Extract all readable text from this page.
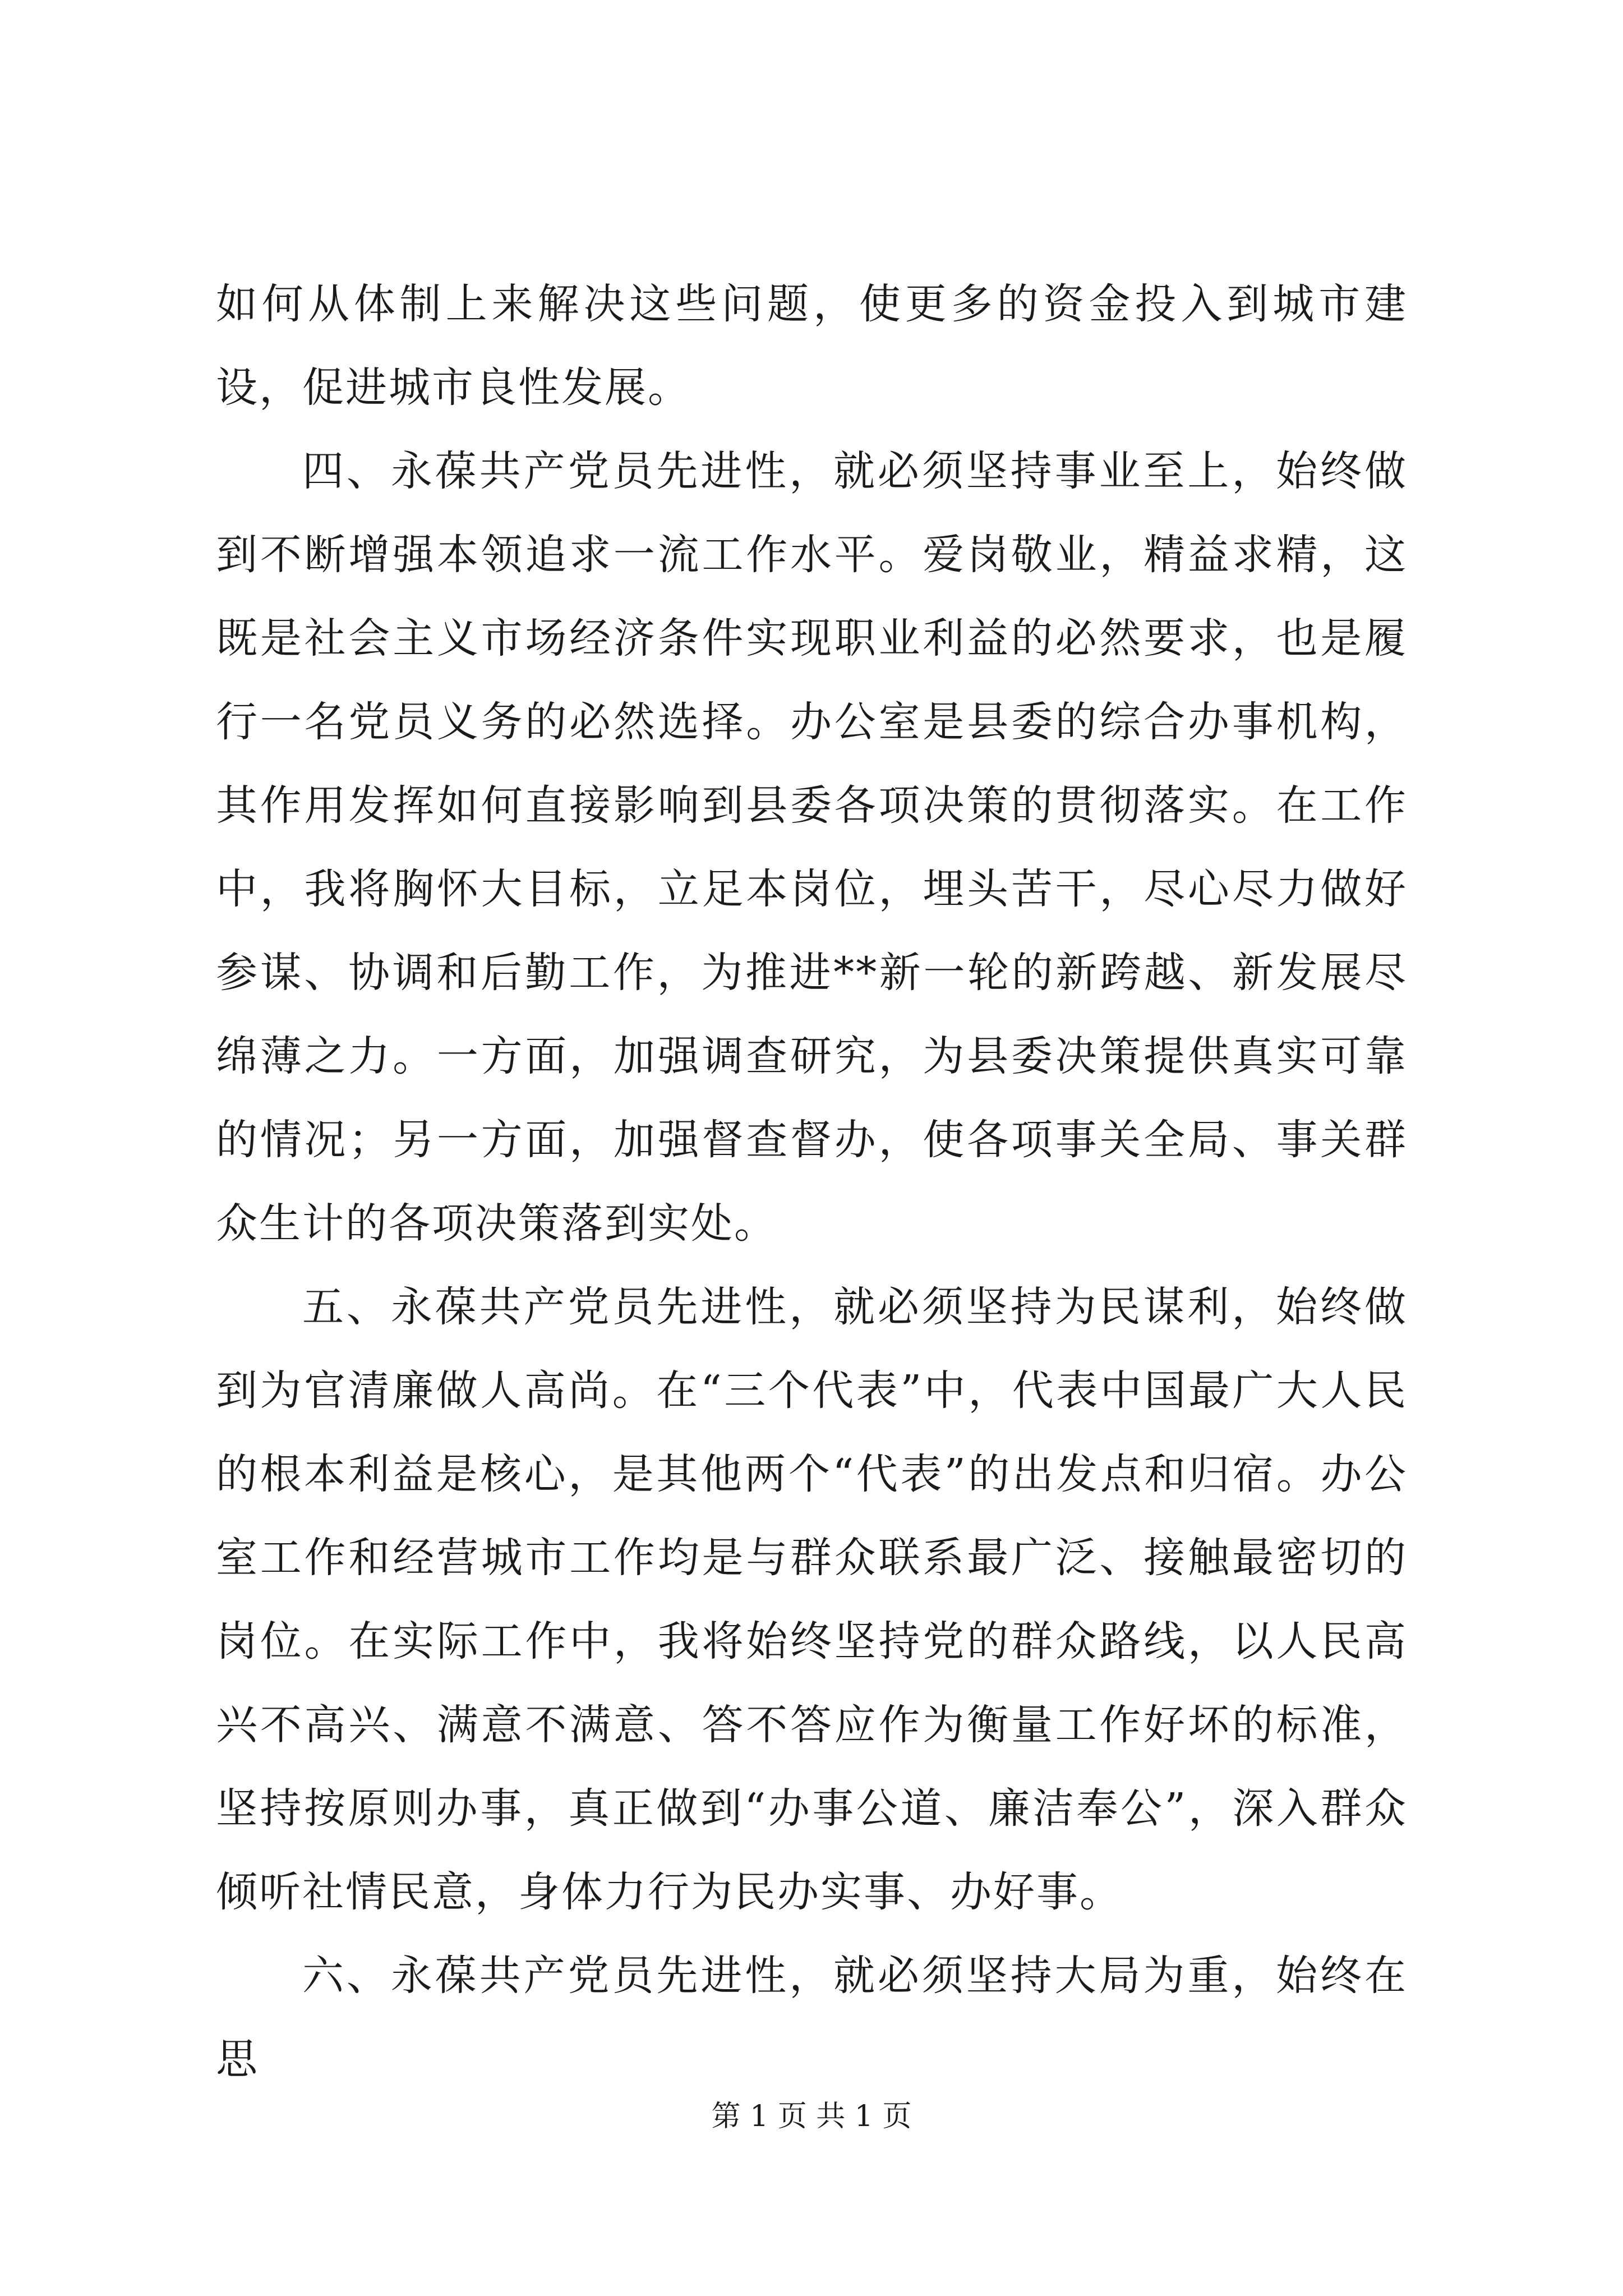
如何从体制上来解决这些问题，使更多的资金投入到城市建设，促进城市良性发展。

四、永葆共产党员先进性，就必须坚持事业至上，始终做到不断增强本领追求一流工作水平。爱岗敬业，精益求精，这既是社会主义市场经济条件实现职业利益的必然要求，也是履行一名党员义务的必然选择。办公室是县委的综合办事机构，其作用发挥如何直接影响到县委各项决策的贯彻落实。在工作中，我将胸怀大目标，立足本岗位，埋头苦干，尽心尽力做好参谋、协调和后勤工作，为推进**新一轮的新跨越、新发展尽绵薄之力。一方面，加强调查研究，为县委决策提供真实可靠的情况；另一方面，加强督查督办，使各项事关全局、事关群众生计的各项决策落到实处。

五、永葆共产党员先进性，就必须坚持为民谋利，始终做到为官清廉做人高尚。在“三个代表”中，代表中国最广大人民的根本利益是核心，是其他两个“代表”的出发点和归宿。办公室工作和经营城市工作均是与群众联系最广泛、接触最密切的岗位。在实际工作中，我将始终坚持党的群众路线，以人民高兴不高兴、满意不满意、答不答应作为衡量工作好坏的标准，坚持按原则办事，真正做到“办事公道、廉洁奉公”，深入群众倾听社情民意，身体力行为民办实事、办好事。

六、永葆共产党员先进性，就必须坚持大局为重，始终在思

第 1 页 共 1 页
